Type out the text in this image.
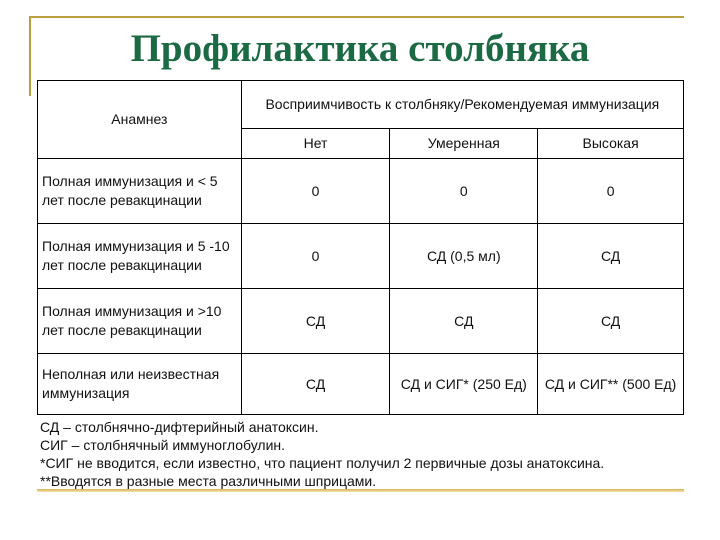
Профилактика столбняка
Анамнез	Восприимчивость к столбняку/Рекомендуемая иммунизация		
	Нет	Умеренная	Высокая
Полная иммунизация и < 5 лет после ревакцинации	0	0	0
Полная иммунизация и 5 -10 лет после ревакцинации	0	СД (0,5 мл)	СД
Полная иммунизация и >10 лет после ревакцинации	СД	СД	СД
Неполная или неизвестная иммунизация	СД	СД и СИГ* (250 Ед)	СД и СИГ** (500 Ед)
СД – столбнячно-дифтерийный анатоксин.
СИГ – столбнячный иммуноглобулин.
*СИГ не вводится, если известно, что пациент получил 2 первичные дозы анатоксина.
**Вводятся в разные места различными шприцами.
